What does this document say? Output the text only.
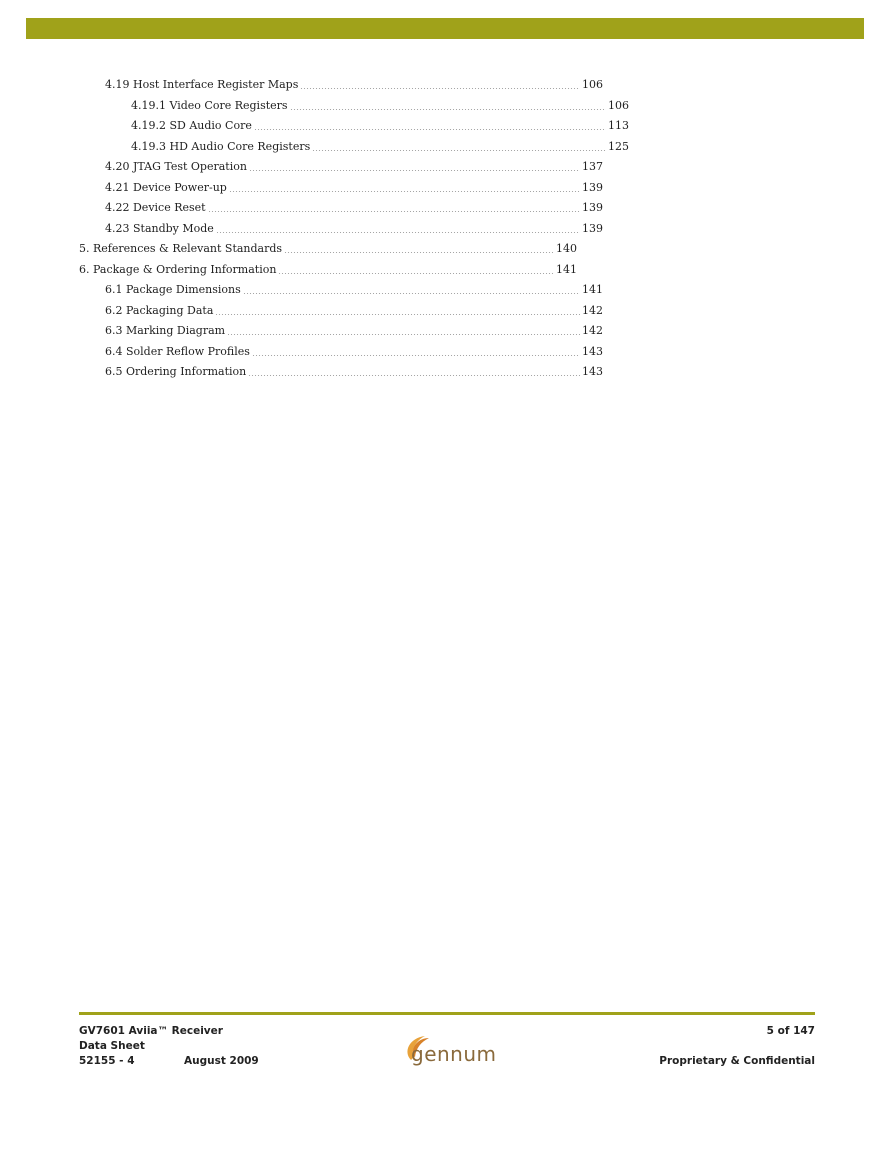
4.19 Host Interface Register Maps	106
4.19.1 Video Core Registers	106
4.19.2 SD Audio Core	113
4.19.3 HD Audio Core Registers	125
4.20 JTAG Test Operation	137
4.21 Device Power-up	139
4.22 Device Reset	139
4.23 Standby Mode	139
5. References & Relevant Standards	140
6. Package & Ordering Information	141
6.1 Package Dimensions	141
6.2 Packaging Data	142
6.3 Marking Diagram	142
6.4 Solder Reflow Profiles	143
6.5 Ordering Information	143
GV7601 Aviia™ Receiver
Data Sheet
52155 - 4	August 2009	gennum
5 of 147
Proprietary & Confidential
